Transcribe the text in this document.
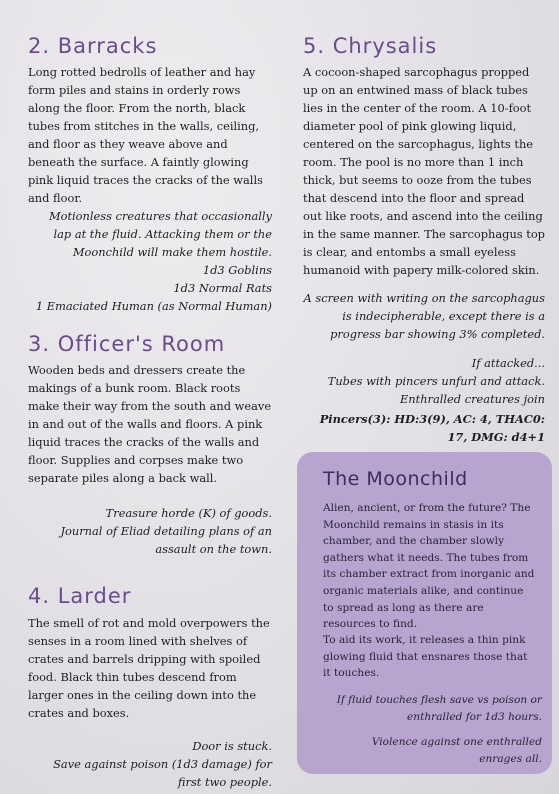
2. Barracks

Long rotted bedrolls of leather and hay form piles and stains in orderly rows along the floor. From the north, black tubes from stitches in the walls, ceiling, and floor as they weave above and beneath the surface. A faintly glowing pink liquid traces the cracks of the walls and floor.

Motionless creatures that occasionally lap at the fluid. Attacking them or the Moonchild will make them hostile.

1d3 Goblins

1d3 Normal Rats

1 Emaciated Human (as Normal Human)

3. Officer's Room

Wooden beds and dressers create the makings of a bunk room. Black roots make their way from the south and weave in and out of the walls and floors. A pink liquid traces the cracks of the walls and floor. Supplies and corpses make two separate piles along a back wall.

Treasure horde (K) of goods.

Journal of Eliad detailing plans of an assault on the town.

4. Larder

The smell of rot and mold overpowers the senses in a room lined with shelves of crates and barrels dripping with spoiled food. Black thin tubes descend from larger ones in the ceiling down into the crates and boxes.

Door is stuck.

Save against poison (1d3 damage) for first two people.

5. Chrysalis

A cocoon-shaped sarcophagus propped up on an entwined mass of black tubes lies in the center of the room. A 10-foot diameter pool of pink glowing liquid, centered on the sarcophagus, lights the room. The pool is no more than 1 inch thick, but seems to ooze from the tubes that descend into the floor and spread out like roots, and ascend into the ceiling in the same manner. The sarcophagus top is clear, and entombs a small eyeless humanoid with papery milk-colored skin.

A screen with writing on the sarcophagus is indecipherable, except there is a progress bar showing 3% completed.

If attacked...

Tubes with pincers unfurl and attack.

Enthralled creatures join

Pincers(3): HD:3(9), AC: 4, THAC0: 17, DMG: d4+1

The Moonchild

Alien, ancient, or from the future? The Moonchild remains in stasis in its chamber, and the chamber slowly gathers what it needs. The tubes from its chamber extract from inorganic and organic materials alike, and continue to spread as long as there are resources to find.

To aid its work, it releases a thin pink glowing fluid that ensnares those that it touches.

If fluid touches flesh save vs poison or enthralled for 1d3 hours.

Violence against one enthralled enrages all.
